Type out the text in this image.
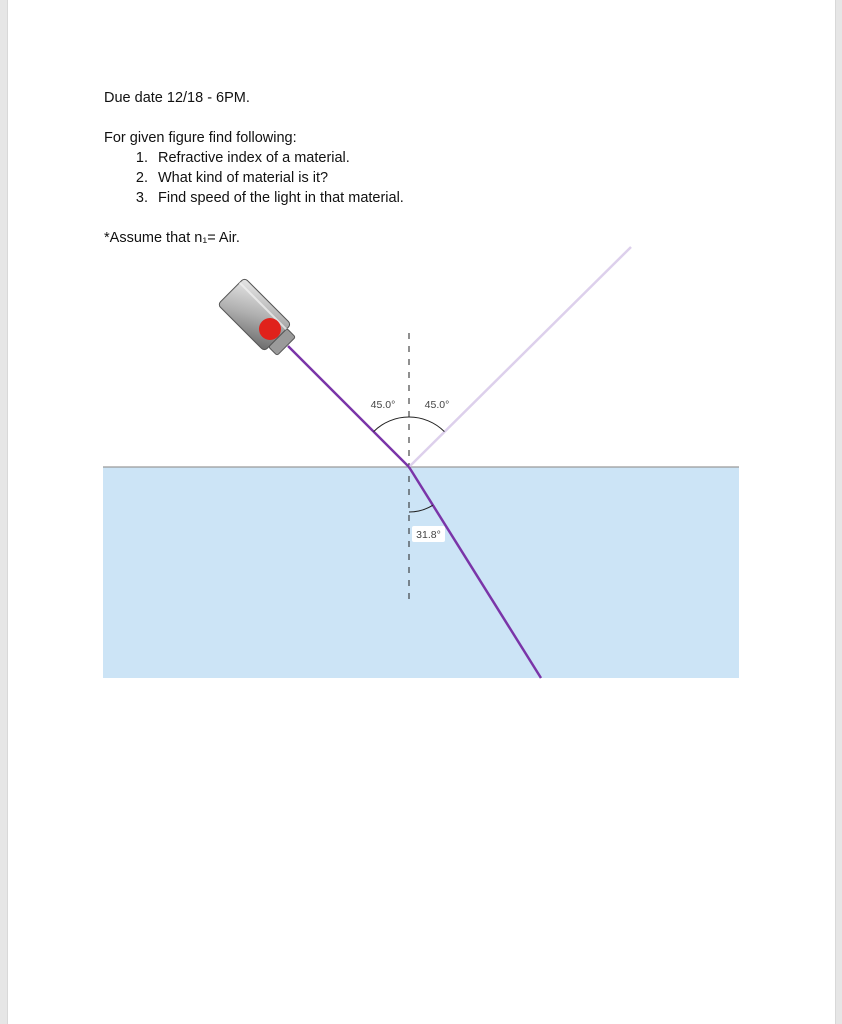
Due date 12/18 - 6PM.

For given figure find following:

1. Refractive index of a material.
2. What kind of material is it?
3. Find speed of the light in that material.

*Assume that n₁= Air.

45.0°	45.0°
31.8°
